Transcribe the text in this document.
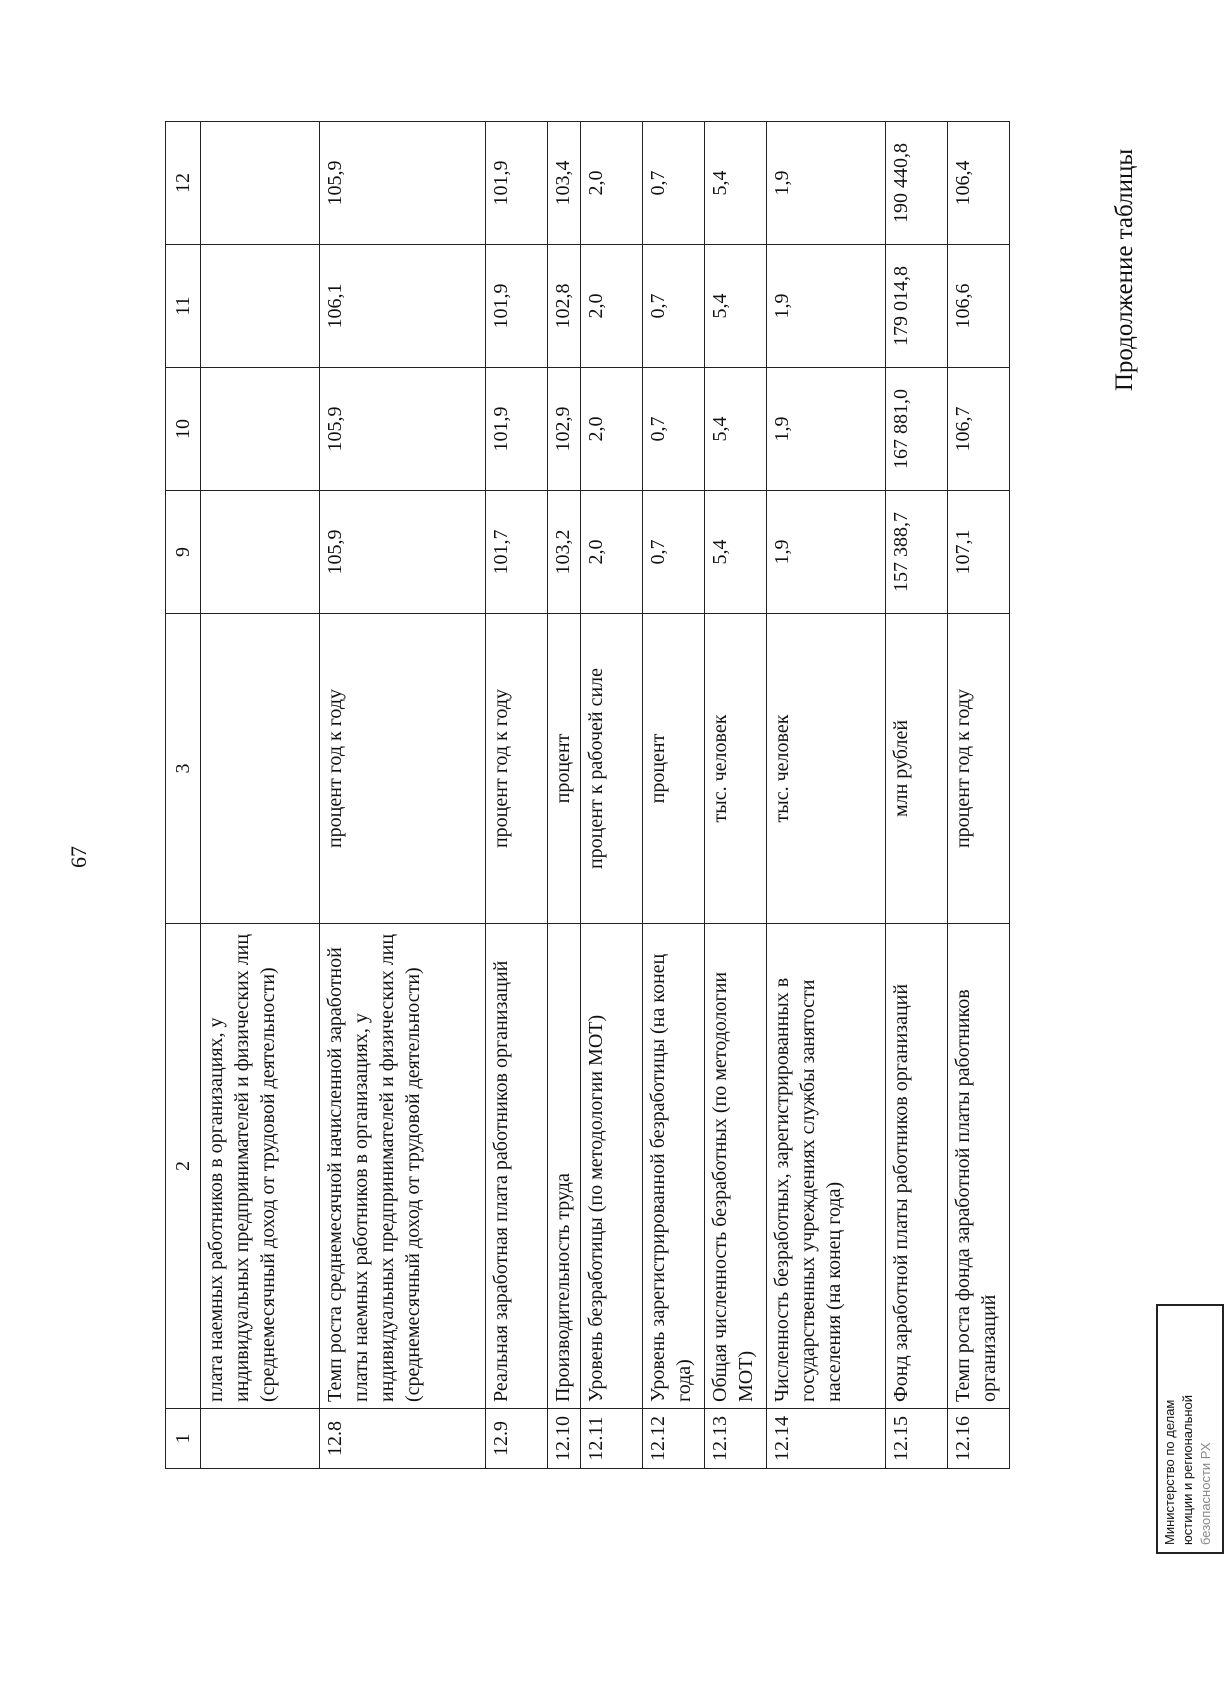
67
Продолжение таблицы
Министерство по делам юстиции и региональной безопасности РХ
1	2	3	9	10	11	12
	плата наемных работников в организациях, у индивидуальных предпринимателей и физических лиц (среднемесячный доход от трудовой деятельности)					
12.8	Темп роста среднемесячной начисленной заработной платы наемных работников в организациях, у индивидуальных предпринимателей и физических лиц (среднемесячный доход от трудовой деятельности)	процент год к году	105,9	105,9	106,1	105,9
12.9	Реальная заработная плата работников организаций	процент год к году	101,7	101,9	101,9	101,9
12.10	Производительность труда	процент	103,2	102,9	102,8	103,4
12.11	Уровень безработицы (по методологии МОТ)	процент к рабочей силе	2,0	2,0	2,0	2,0
12.12	Уровень зарегистрированной безработицы (на конец года)	процент	0,7	0,7	0,7	0,7
12.13	Общая численность безработных (по методологии МОТ)	тыс. человек	5,4	5,4	5,4	5,4
12.14	Численность безработных, зарегистрированных в государственных учреждениях службы занятости населения (на конец года)	тыс. человек	1,9	1,9	1,9	1,9
12.15	Фонд заработной платы работников организаций	млн рублей	157 388,7	167 881,0	179 014,8	190 440,8
12.16	Темп роста фонда заработной платы работников организаций	процент год к году	107,1	106,7	106,6	106,4
